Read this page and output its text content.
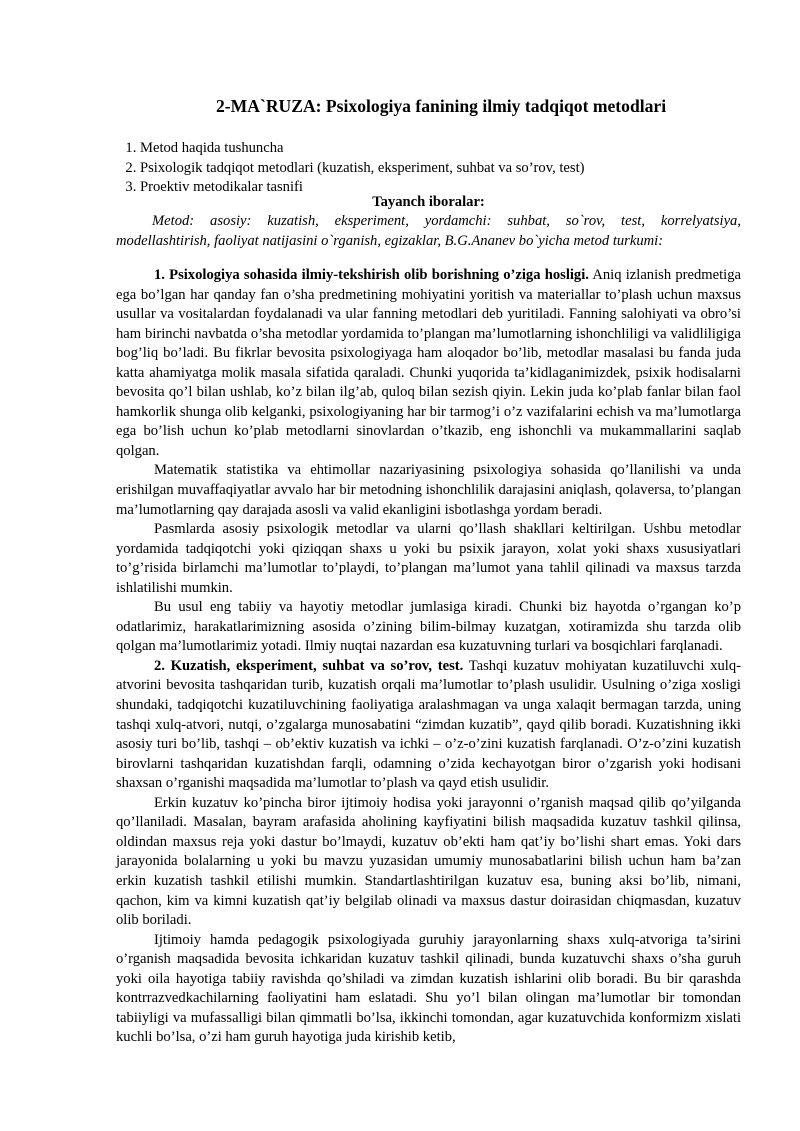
2-MA`RUZA: Psixologiya fanining ilmiy tadqiqot metodlari
1. Metod haqida tushuncha
2. Psixologik tadqiqot metodlari (kuzatish, eksperiment, suhbat va so’rov, test)
3. Proektiv metodikalar tasnifi
Tayanch iboralar:
Metod: asosiy: kuzatish, eksperiment, yordamchi: suhbat, so`rov, test, korrelyatsiya, modellashtirish, faoliyat natijasini o`rganish, egizaklar, B.G.Ananev bo`yicha metod turkumi:

1. Psixologiya sohasida ilmiy-tekshirish olib borishning o’ziga hosligi. Aniq izlanish predmetiga ega bo’lgan har qanday fan o’sha predmetining mohiyatini yoritish va materiallar to’plash uchun maxsus usullar va vositalardan foydalanadi va ular fanning metodlari deb yuritiladi. Fanning salohiyati va obro’si ham birinchi navbatda o’sha metodlar yordamida to’plangan ma’lumotlarning ishonchliligi va validliligiga bog’liq bo’ladi. Bu fikrlar bevosita psixologiyaga ham aloqador bo’lib, metodlar masalasi bu fanda juda katta ahamiyatga molik masala sifatida qaraladi. Chunki yuqorida ta’kidlaganimizdek, psixik hodisalarni bevosita qo’l bilan ushlab, ko’z bilan ilg’ab, quloq bilan sezish qiyin. Lekin juda ko’plab fanlar bilan faol hamkorlik shunga olib kelganki, psixologiyaning har bir tarmog’i o’z vazifalarini echish va ma’lumotlarga ega bo’lish uchun ko’plab metodlarni sinovlardan o’tkazib, eng ishonchli va mukammallarini saqlab qolgan.

Matematik statistika va ehtimollar nazariyasining psixologiya sohasida qo’llanilishi va unda erishilgan muvaffaqiyatlar avvalo har bir metodning ishonchlilik darajasini aniqlash, qolaversa, to’plangan ma’lumotlarning qay darajada asosli va valid ekanligini isbotlashga yordam beradi.

Pasmlarda asosiy psixologik metodlar va ularni qo’llash shakllari keltirilgan. Ushbu metodlar yordamida tadqiqotchi yoki qiziqqan shaxs u yoki bu psixik jarayon, xolat yoki shaxs xususiyatlari to’g’risida birlamchi ma’lumotlar to’playdi, to’plangan ma’lumot yana tahlil qilinadi va maxsus tarzda ishlatilishi mumkin.

Bu usul eng tabiiy va hayotiy metodlar jumlasiga kiradi. Chunki biz hayotda o’rgangan ko’p odatlarimiz, harakatlarimizning asosida o’zining bilim-bilmay kuzatgan, xotiramizda shu tarzda olib qolgan ma’lumotlarimiz yotadi. Ilmiy nuqtai nazardan esa kuzatuvning turlari va bosqichlari farqlanadi.

2. Kuzatish, eksperiment, suhbat va so’rov, test. Tashqi kuzatuv mohiyatan kuzatiluvchi xulq-atvorini bevosita tashqaridan turib, kuzatish orqali ma’lumotlar to’plash usulidir. Usulning o’ziga xosligi shundaki, tadqiqotchi kuzatiluvchining faoliyatiga aralashmagan va unga xalaqit bermagan tarzda, uning tashqi xulq-atvori, nutqi, o’zgalarga munosabatini “zimdan kuzatib”, qayd qilib boradi. Kuzatishning ikki asosiy turi bo’lib, tashqi – ob’ektiv kuzatish va ichki – o’z-o’zini kuzatish farqlanadi. O’z-o’zini kuzatish birovlarni tashqaridan kuzatishdan farqli, odamning o’zida kechayotgan biror o’zgarish yoki hodisani shaxsan o’rganishi maqsadida ma’lumotlar to’plash va qayd etish usulidir.

Erkin kuzatuv ko’pincha biror ijtimoiy hodisa yoki jarayonni o’rganish maqsad qilib qo’yilganda qo’llaniladi. Masalan, bayram arafasida aholining kayfiyatini bilish maqsadida kuzatuv tashkil qilinsa, oldindan maxsus reja yoki dastur bo’lmaydi, kuzatuv ob’ekti ham qat’iy bo’lishi shart emas. Yoki dars jarayonida bolalarning u yoki bu mavzu yuzasidan umumiy munosabatlarini bilish uchun ham ba’zan erkin kuzatish tashkil etilishi mumkin. Standartlashtirilgan kuzatuv esa, buning aksi bo’lib, nimani, qachon, kim va kimni kuzatish qat’iy belgilab olinadi va maxsus dastur doirasidan chiqmasdan, kuzatuv olib boriladi.

Ijtimoiy hamda pedagogik psixologiyada guruhiy jarayonlarning shaxs xulq-atvoriga ta’sirini o’rganish maqsadida bevosita ichkaridan kuzatuv tashkil qilinadi, bunda kuzatuvchi shaxs o’sha guruh yoki oila hayotiga tabiiy ravishda qo’shiladi va zimdan kuzatish ishlarini olib boradi. Bu bir qarashda kontrrazvedkachilarning faoliyatini ham eslatadi. Shu yo’l bilan olingan ma’lumotlar bir tomondan tabiiyligi va mufassalligi bilan qimmatli bo’lsa, ikkinchi tomondan, agar kuzatuvchida konformizm xislati kuchli bo’lsa, o’zi ham guruh hayotiga juda kirishib ketib,
